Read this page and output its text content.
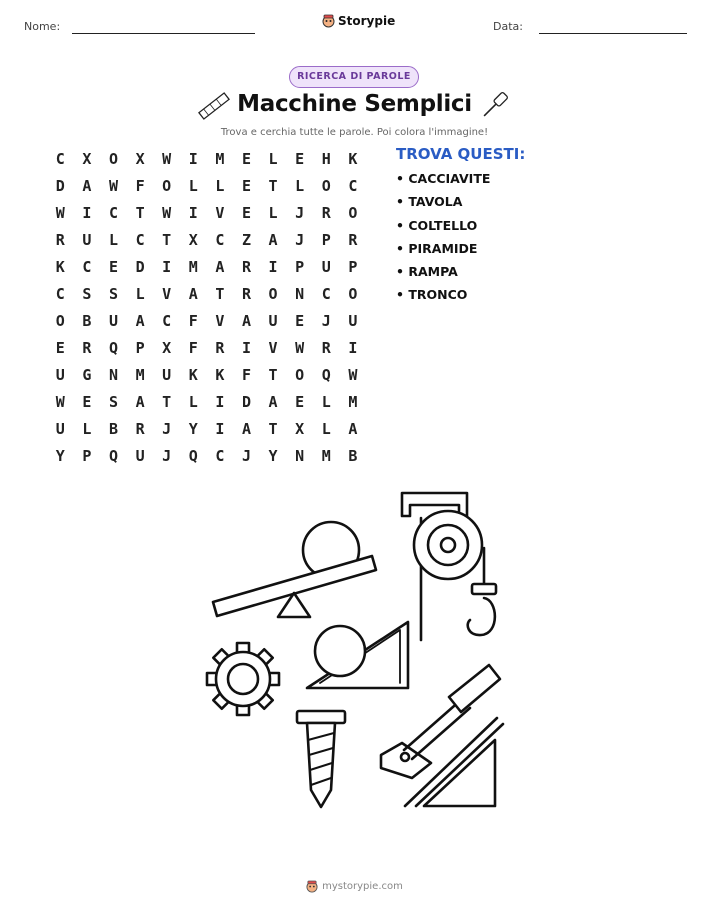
Nome:	Storypie	Data:
RICERCA DI PAROLE
Macchine Semplici
Trova e cerchia tutte le parole. Poi colora l'immagine!
C	X	O	X	W	I	M	E	L	E	H	K
D	A	W	F	O	L	L	E	T	L	O	C
W	I	C	T	W	I	V	E	L	J	R	O
R	U	L	C	T	X	C	Z	A	J	P	R
K	C	E	D	I	M	A	R	I	P	U	P
C	S	S	L	V	A	T	R	O	N	C	O
O	B	U	A	C	F	V	A	U	E	J	U
E	R	Q	P	X	F	R	I	V	W	R	I
U	G	N	M	U	K	K	F	T	O	Q	W
W	E	S	A	T	L	I	D	A	E	L	M
U	L	B	R	J	Y	I	A	T	X	L	A
Y	P	Q	U	J	Q	C	J	Y	N	M	B
TROVA QUESTI:
• CACCIAVITE
• TAVOLA
• COLTELLO
• PIRAMIDE
• RAMPA
• TRONCO
mystorypie.com
